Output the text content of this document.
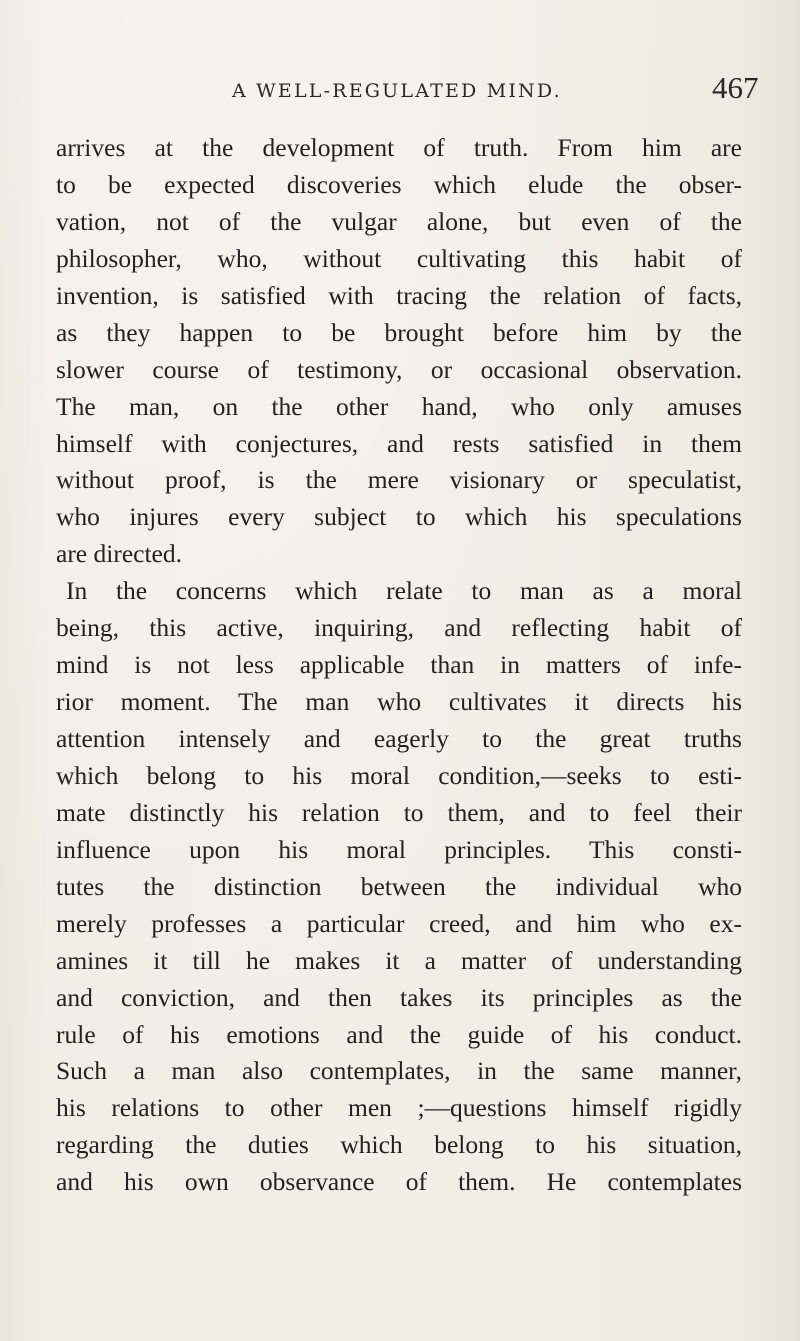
A WELL-REGULATED MIND.	467
arrives at the development of truth. From him are
to be expected discoveries which elude the obser-
vation, not of the vulgar alone, but even of the
philosopher, who, without cultivating this habit of
invention, is satisfied with tracing the relation of facts,
as they happen to be brought before him by the
slower course of testimony, or occasional observation.
The man, on the other hand, who only amuses
himself with conjectures, and rests satisfied in them
without proof, is the mere visionary or speculatist,
who injures every subject to which his speculations
are directed.
In the concerns which relate to man as a moral
being, this active, inquiring, and reflecting habit of
mind is not less applicable than in matters of infe-
rior moment. The man who cultivates it directs his
attention intensely and eagerly to the great truths
which belong to his moral condition,—seeks to esti-
mate distinctly his relation to them, and to feel their
influence upon his moral principles. This consti-
tutes the distinction between the individual who
merely professes a particular creed, and him who ex-
amines it till he makes it a matter of understanding
and conviction, and then takes its principles as the
rule of his emotions and the guide of his conduct.
Such a man also contemplates, in the same manner,
his relations to other men ;—questions himself rigidly
regarding the duties which belong to his situation,
and his own observance of them. He contemplates
